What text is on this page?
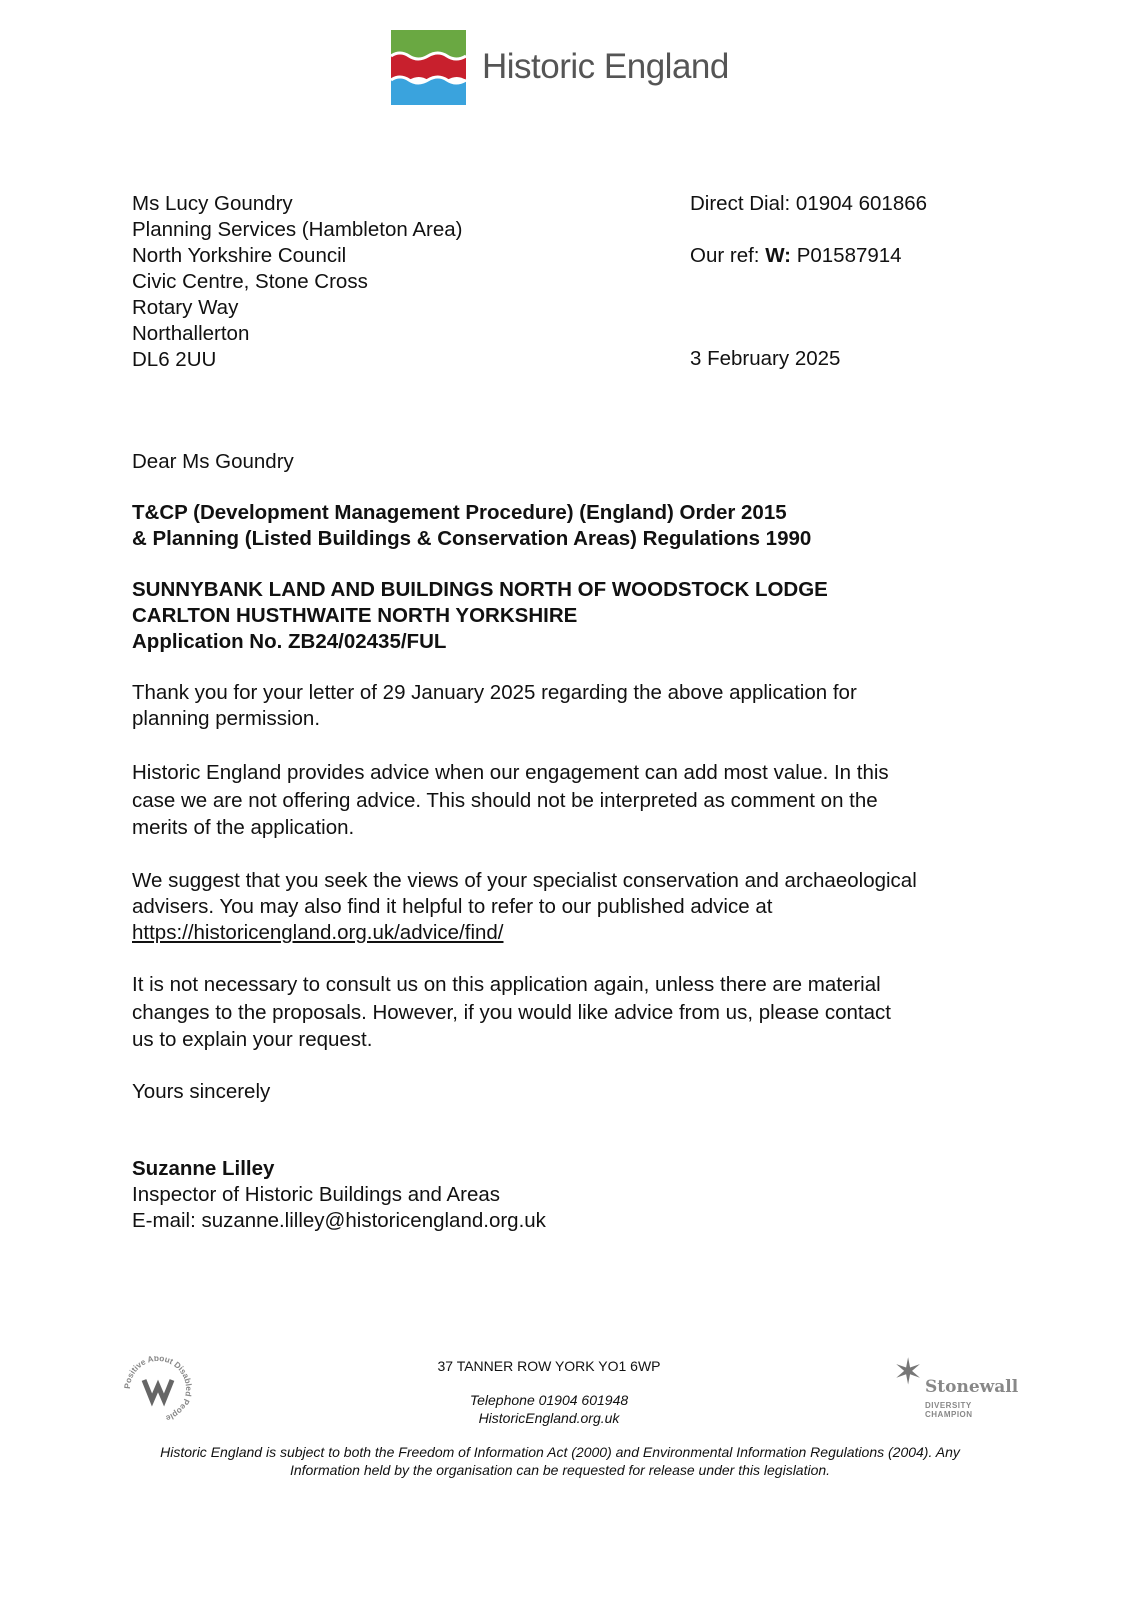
Historic England
Ms Lucy Goundry
Planning Services (Hambleton Area)
North Yorkshire Council
Civic Centre, Stone Cross
Rotary Way
Northallerton
DL6 2UU
Direct Dial: 01904 601866
Our ref: W: P01587914
3 February 2025
Dear Ms Goundry
T&CP (Development Management Procedure) (England) Order 2015
& Planning (Listed Buildings & Conservation Areas) Regulations 1990
SUNNYBANK LAND AND BUILDINGS NORTH OF WOODSTOCK LODGE
CARLTON HUSTHWAITE NORTH YORKSHIRE
Application No. ZB24/02435/FUL
Thank you for your letter of 29 January 2025 regarding the above application for
planning permission.
Historic England provides advice when our engagement can add most value. In this
case we are not offering advice. This should not be interpreted as comment on the
merits of the application.
We suggest that you seek the views of your specialist conservation and archaeological
advisers. You may also find it helpful to refer to our published advice at
https://historicengland.org.uk/advice/find/
It is not necessary to consult us on this application again, unless there are material
changes to the proposals. However, if you would like advice from us, please contact
us to explain your request.
Yours sincerely
Suzanne Lilley
Inspector of Historic Buildings and Areas
E-mail: suzanne.lilley@historicengland.org.uk
Positive About Disabled People
37 TANNER ROW YORK YO1 6WP
Telephone 01904 601948
HistoricEngland.org.uk
✶ Stonewall
DIVERSITY CHAMPION
Historic England is subject to both the Freedom of Information Act (2000) and Environmental Information Regulations (2004). Any
Information held by the organisation can be requested for release under this legislation.
